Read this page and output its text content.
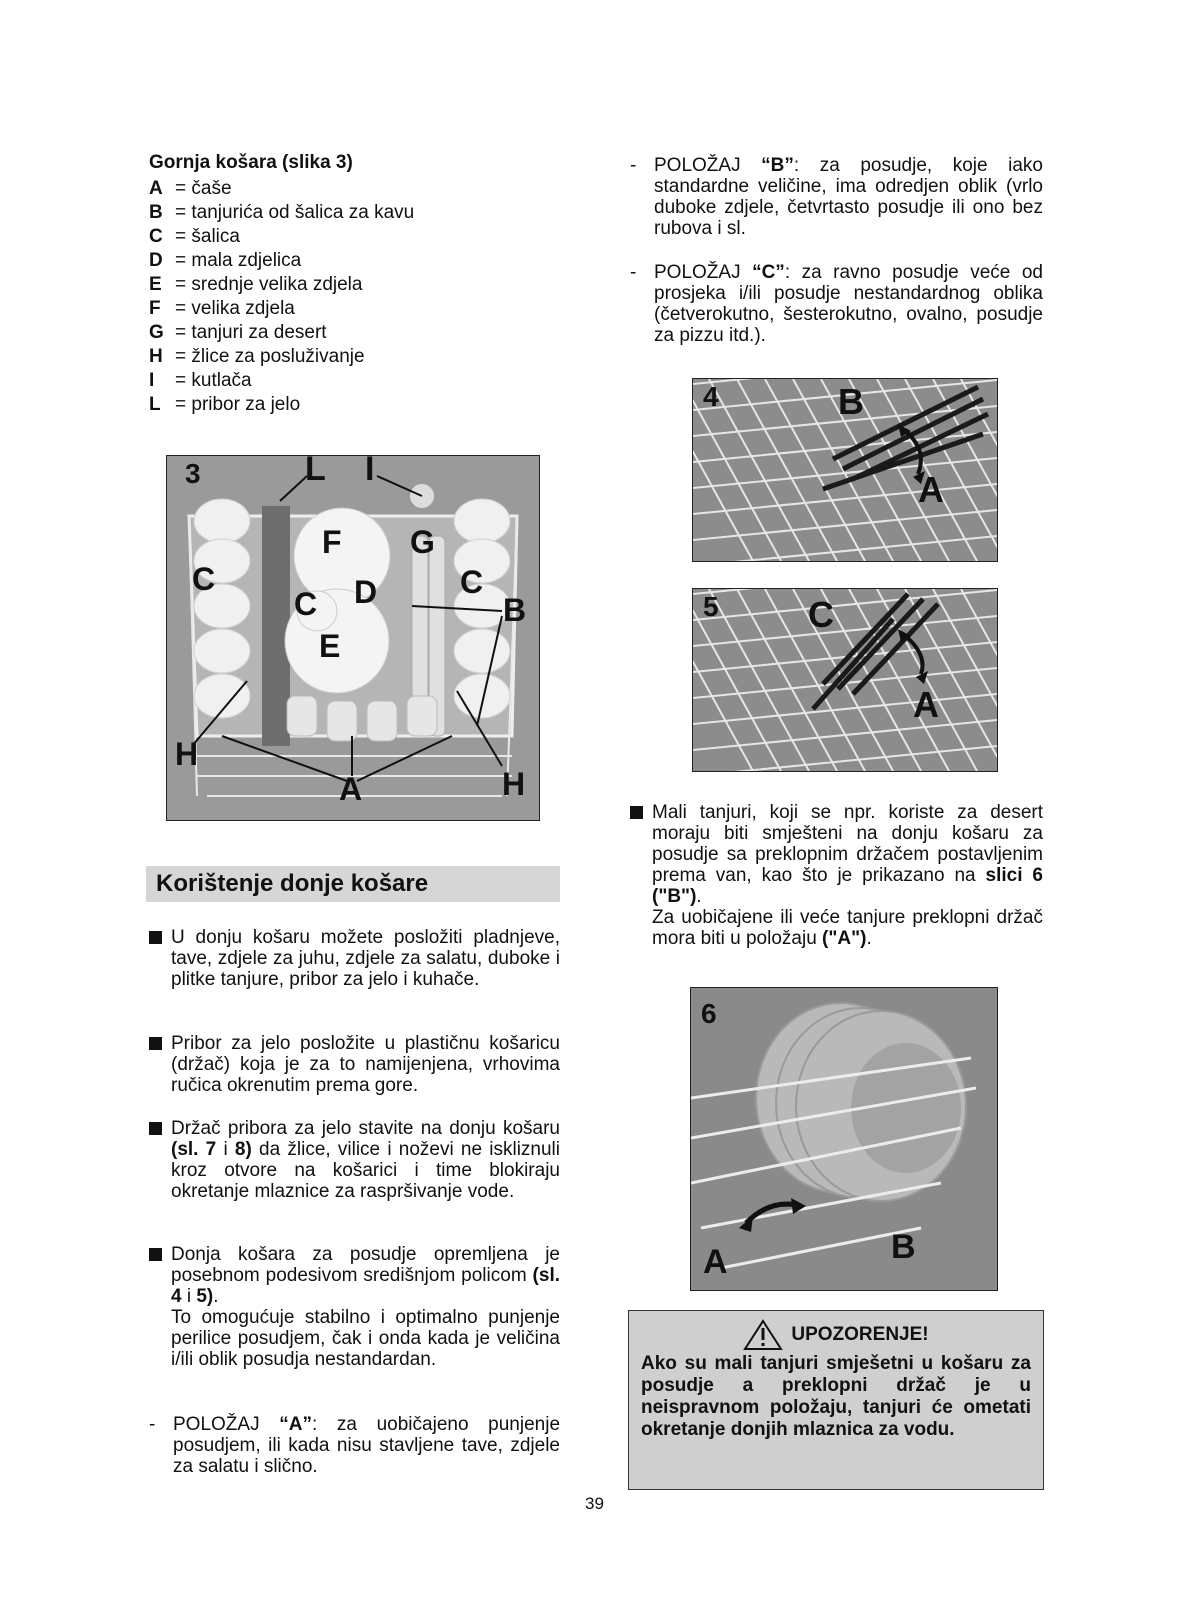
Gornja košara (slika 3)
A = čaše
B = tanjurića od šalica za kavu
C = šalica
D = mala zdjelica
E = srednje velika zdjela
F = velika zdjela
G = tanjuri za desert
H = žlice za posluživanje
I	= kutlača
L = pribor za jelo
3	L I
F G
C
C
C
D	B
E
H
H
A
Korištenje donje košare
U donju košaru možete posložiti pladnjeve, tave, zdjele za juhu, zdjele za salatu, duboke i plitke tanjure, pribor za jelo i kuhače.
Pribor za jelo posložite u plastičnu košaricu (držač) koja je za to namijenjena, vrhovima ručica okrenutim prema gore.
Držač pribora za jelo stavite na donju košaru (sl. 7 i 8) da žlice, vilice i noževi ne iskliznuli kroz otvore na košarici i time blokiraju okretanje mlaznice za raspršivanje vode.
Donja košara za posudje opremljena je posebnom podesivom središnjom policom (sl. 4 i 5).
To omogućuje stabilno i optimalno punjenje perilice posudjem, čak i onda kada je veličina i/ili oblik posudja nestandardan.
- POLOŽAJ “A”: za uobičajeno punjenje posudjem, ili kada nisu stavljene tave, zdjele za salatu i slično.
- POLOŽAJ “B”: za posudje, koje iako standardne veličine, ima odredjen oblik (vrlo duboke zdjele, četvrtasto posudje ili ono bez rubova i sl.
- POLOŽAJ “C”: za ravno posudje veće od prosjeka i/ili posudje nestandardnog oblika (četverokutno, šesterokutno, ovalno, posudje za pizzu itd.).
4	B
A
5 C
A
Mali tanjuri, koji se npr. koriste za desert moraju biti smješteni na donju košaru za posudje sa preklopnim držačem postavljenim prema van, kao što je prikazano na slici 6 ("B").
Za uobičajene ili veće tanjure preklopni držač mora biti u položaju ("A").
6
A	B
UPOZORENJE!
Ako su mali tanjuri smješetni u košaru za posudje a preklopni držač je u neispravnom položaju, tanjuri će ometati okretanje donjih mlaznica za vodu.
39
